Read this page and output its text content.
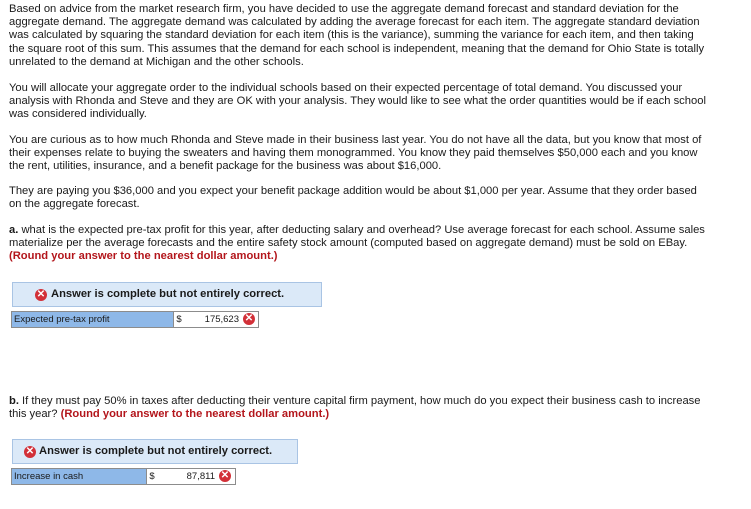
Based on advice from the market research firm, you have decided to use the aggregate demand forecast and standard deviation for the aggregate demand. The aggregate demand was calculated by adding the average forecast for each item. The aggregate standard deviation was calculated by squaring the standard deviation for each item (this is the variance), summing the variance for each item, and then taking the square root of this sum. This assumes that the demand for each school is independent, meaning that the demand for Ohio State is totally unrelated to the demand at Michigan and the other schools.

You will allocate your aggregate order to the individual schools based on their expected percentage of total demand. You discussed your analysis with Rhonda and Steve and they are OK with your analysis. They would like to see what the order quantities would be if each school was considered individually.

You are curious as to how much Rhonda and Steve made in their business last year. You do not have all the data, but you know that most of their expenses relate to buying the sweaters and having them monogrammed. You know they paid themselves $50,000 each and you know the rent, utilities, insurance, and a benefit package for the business was about $16,000.

They are paying you $36,000 and you expect your benefit package addition would be about $1,000 per year. Assume that they order based on the aggregate forecast.

a. what is the expected pre-tax profit for this year, after deducting salary and overhead? Use average forecast for each school. Assume sales materialize per the average forecasts and the entire safety stock amount (computed based on aggregate demand) must be sold on EBay. (Round your answer to the nearest dollar amount.)

✕ Answer is complete but not entirely correct.
Expected pre-tax profit	$ 175,623 ✕

b. If they must pay 50% in taxes after deducting their venture capital firm payment, how much do you expect their business cash to increase this year? (Round your answer to the nearest dollar amount.)

✕ Answer is complete but not entirely correct.
Increase in cash	$	87,811 ✕
